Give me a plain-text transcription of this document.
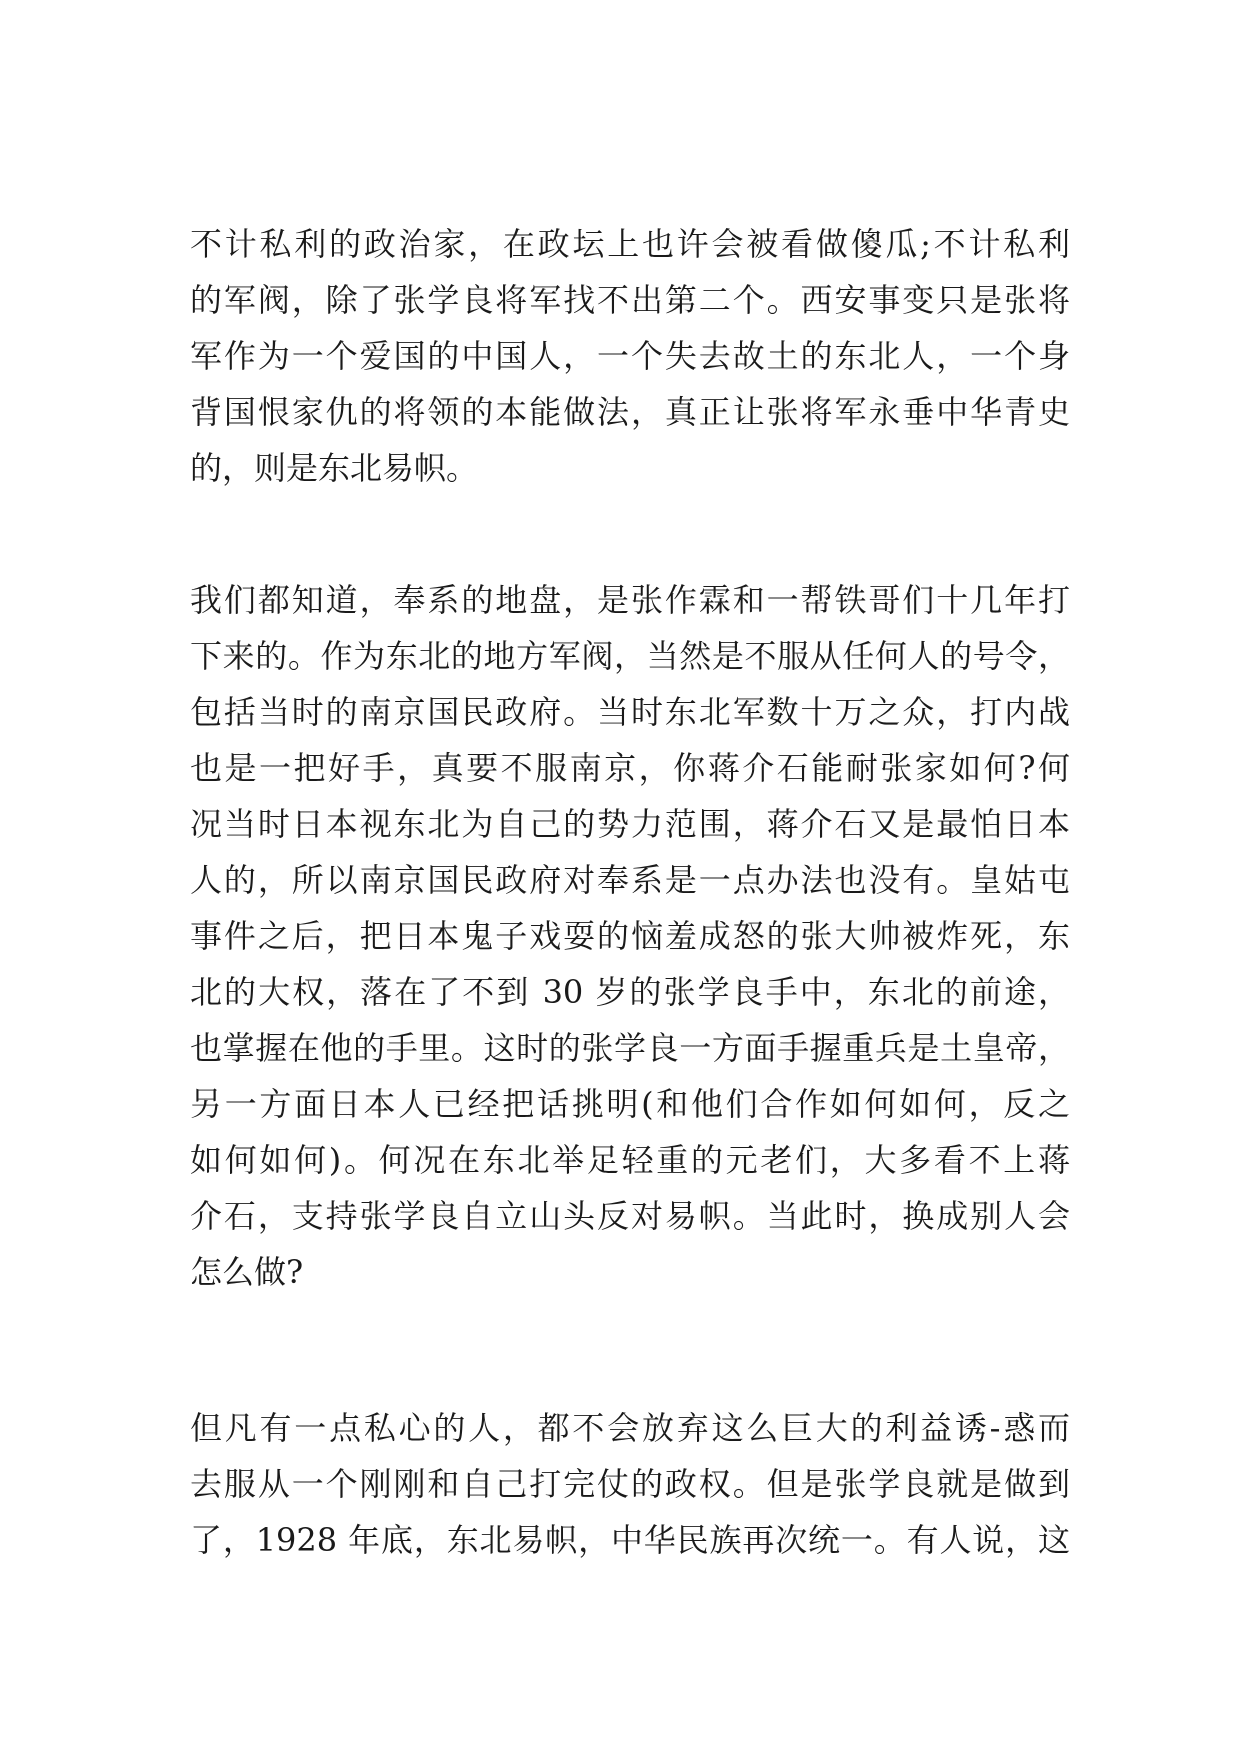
不计私利的政治家，在政坛上也许会被看做傻瓜;不计私利
的军阀，除了张学良将军找不出第二个。西安事变只是张将
军作为一个爱国的中国人，一个失去故土的东北人，一个身
背国恨家仇的将领的本能做法，真正让张将军永垂中华青史
的，则是东北易帜。
我们都知道，奉系的地盘，是张作霖和一帮铁哥们十几年打
下来的。作为东北的地方军阀，当然是不服从任何人的号令，
包括当时的南京国民政府。当时东北军数十万之众，打内战
也是一把好手，真要不服南京，你蒋介石能耐张家如何?何
况当时日本视东北为自己的势力范围，蒋介石又是最怕日本
人的，所以南京国民政府对奉系是一点办法也没有。皇姑屯
事件之后，把日本鬼子戏耍的恼羞成怒的张大帅被炸死，东
北的大权，落在了不到 30 岁的张学良手中，东北的前途，
也掌握在他的手里。这时的张学良一方面手握重兵是土皇帝，
另一方面日本人已经把话挑明(和他们合作如何如何，反之
如何如何)。何况在东北举足轻重的元老们，大多看不上蒋
介石，支持张学良自立山头反对易帜。当此时，换成别人会
怎么做?
但凡有一点私心的人，都不会放弃这么巨大的利益诱-惑而
去服从一个刚刚和自己打完仗的政权。但是张学良就是做到
了，1928 年底，东北易帜，中华民族再次统一。有人说，这
